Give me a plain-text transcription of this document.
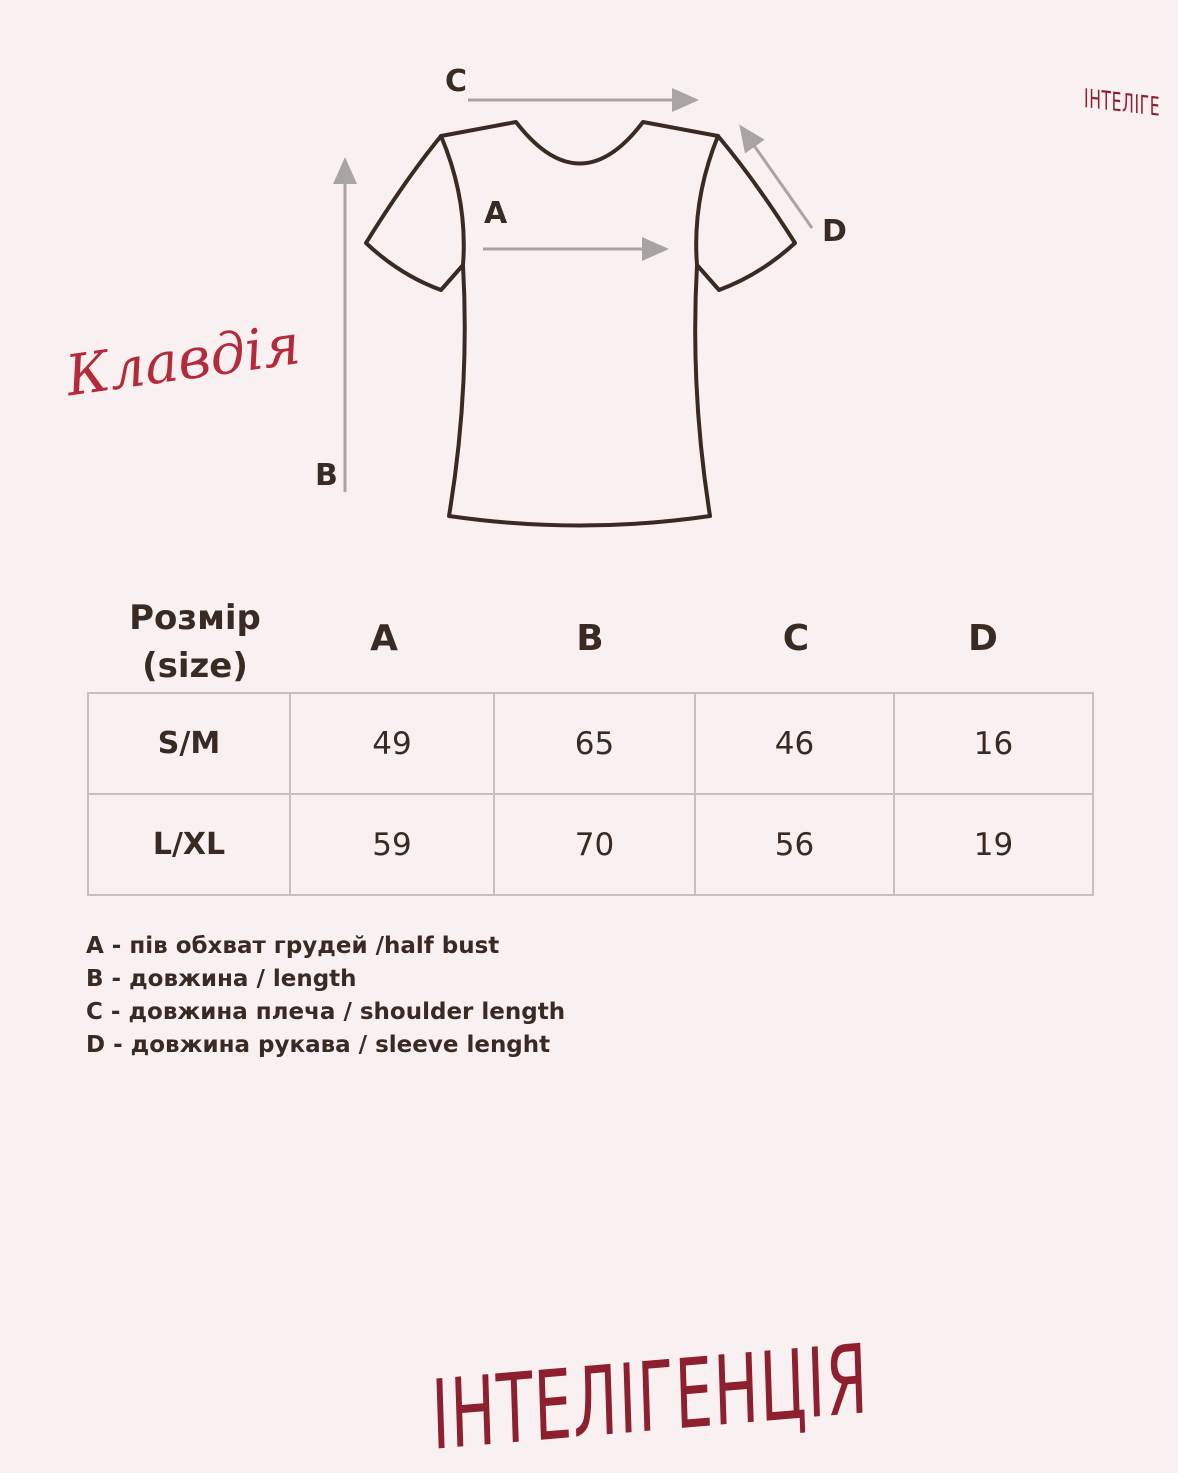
C
A
B
D
ІНТЕЛІГЕ
Клавдія
Розмір
(size)
A	B	C	D
S/M	49	65	46	16
L/XL	59	70	56	19
A - пів обхват грудей /half bust
B - довжина / length
C - довжина плеча / shoulder length
D - довжина рукава / sleeve lenght
ІНТЕЛІГЕНЦІЯ
